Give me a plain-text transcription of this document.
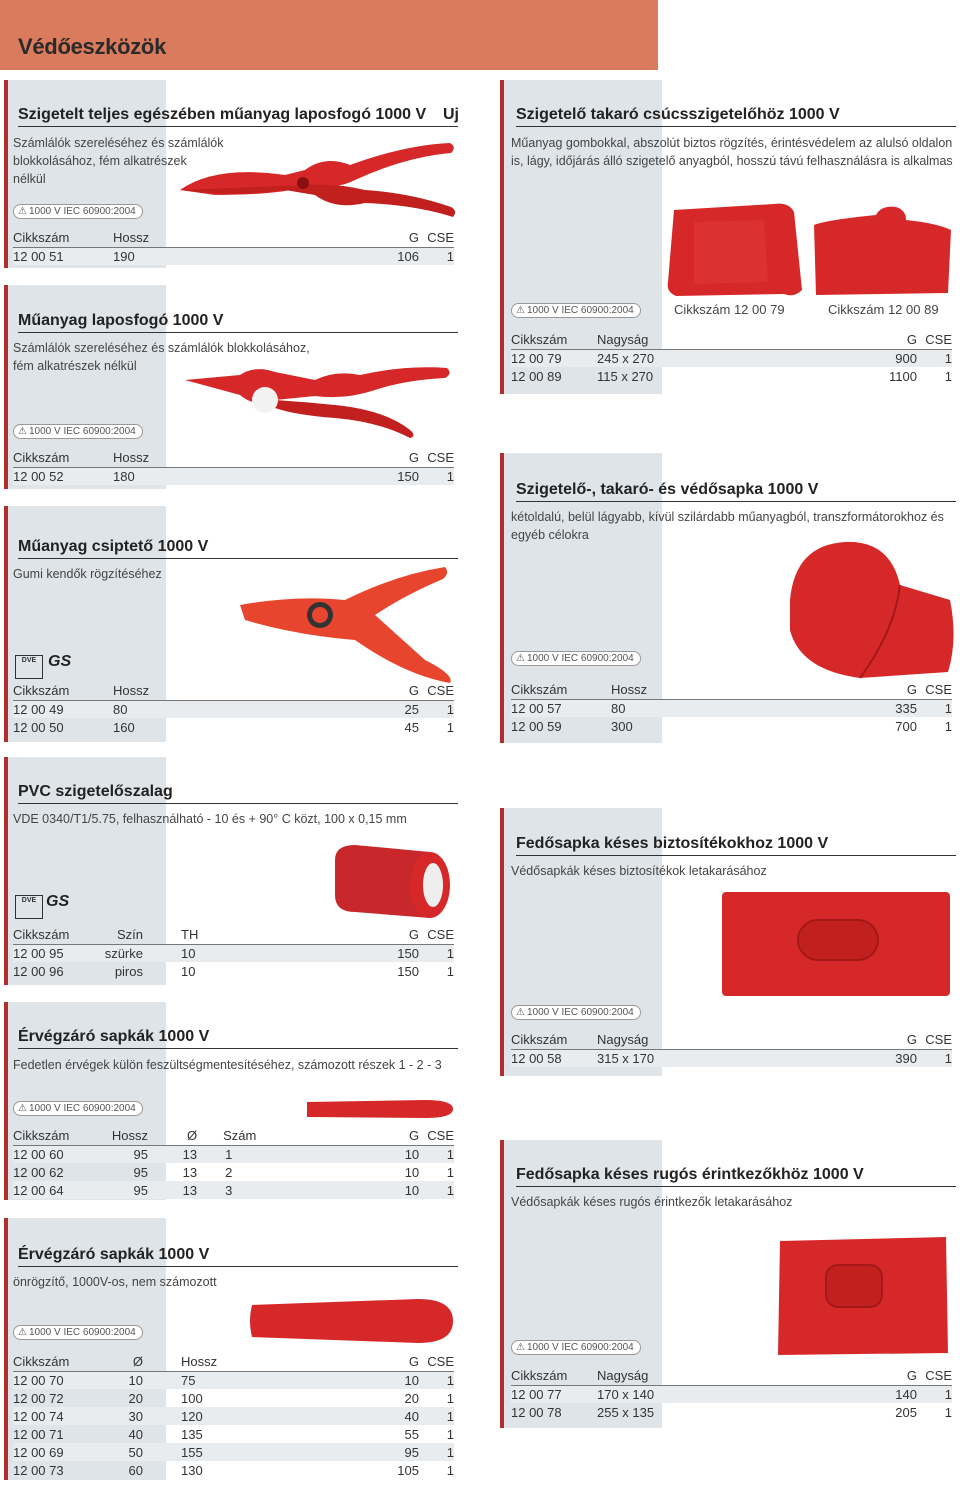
Védőeszközök
Szigetelt teljes egészében műanyag laposfogó 1000 V	Uj
Számlálók szereléséhez és számlálók
blokkolásához, fém alkatrészek
nélkül
⚠ 1000 V IEC 60900:2004
Cikkszám	Hossz	G	CSE
12 00 51	190	106	1
Szigetelő takaró csúcsszigetelőhöz 1000 V
Műanyag gombokkal, abszolút biztos rögzítés, érintésvédelem az alulsó oldalon
is, lágy, időjárás álló szigetelő anyagból, hosszú távú felhasználásra is alkalmas
Cikkszám 12 00 79	Cikkszám 12 00 89
⚠ 1000 V IEC 60900:2004
Cikkszám	Nagyság	G	CSE
12 00 79	245 x 270	900	1
12 00 89	115 x 270	1100	1
Műanyag laposfogó 1000 V
Számlálók szereléséhez és számlálók blokkolásához,
fém alkatrészek nélkül
⚠ 1000 V IEC 60900:2004
Cikkszám	Hossz	G	CSE
12 00 52	180	150	1
Szigetelő-, takaró- és védősapka 1000 V
kétoldalú, belül lágyabb, kívül szilárdabb műanyagból, transzformátorokhoz és
egyéb célokra
⚠ 1000 V IEC 60900:2004
Cikkszám	Hossz	G	CSE
12 00 57	80	335	1
12 00 59	300	700	1
Műanyag csiptető 1000 V
Gumi kendők rögzítéséhez
DVE GS
Cikkszám	Hossz	G	CSE
12 00 49	80	25	1
12 00 50	160	45	1
PVC szigetelőszalag
VDE 0340/T1/5.75, felhasználható - 10 és + 90° C közt, 100 x 0,15 mm
DVE GS
Cikkszám	Szín	TH	G	CSE
12 00 95	szürke	10	150	1
12 00 96	piros	10	150	1
Fedősapka késes biztosítékokhoz 1000 V
Védősapkák késes biztosítékok letakarásához
⚠ 1000 V IEC 60900:2004
Cikkszám	Nagyság	G	CSE
12 00 58	315 x 170	390	1
Érvégzáró sapkák 1000 V
Fedetlen érvégek külön feszültségmentesítéséhez, számozott részek 1 - 2 - 3
⚠ 1000 V IEC 60900:2004
Cikkszám	Hossz	Ø	Szám	G	CSE
12 00 60	95	13	1	10	1
12 00 62	95	13	2	10	1
12 00 64	95	13	3	10	1
Fedősapka késes rugós érintkezőkhöz 1000 V
Védősapkák késes rugós érintkezők letakarásához
⚠ 1000 V IEC 60900:2004
Cikkszám	Nagyság	G	CSE
12 00 77	170 x 140	140	1
12 00 78	255 x 135	205	1
Érvégzáró sapkák 1000 V
önrögzítő, 1000V-os, nem számozott
⚠ 1000 V IEC 60900:2004
Cikkszám	Ø	Hossz	G	CSE
12 00 70	10	75	10	1
12 00 72	20	100	20	1
12 00 74	30	120	40	1
12 00 71	40	135	55	1
12 00 69	50	155	95	1
12 00 73	60	130	105	1
